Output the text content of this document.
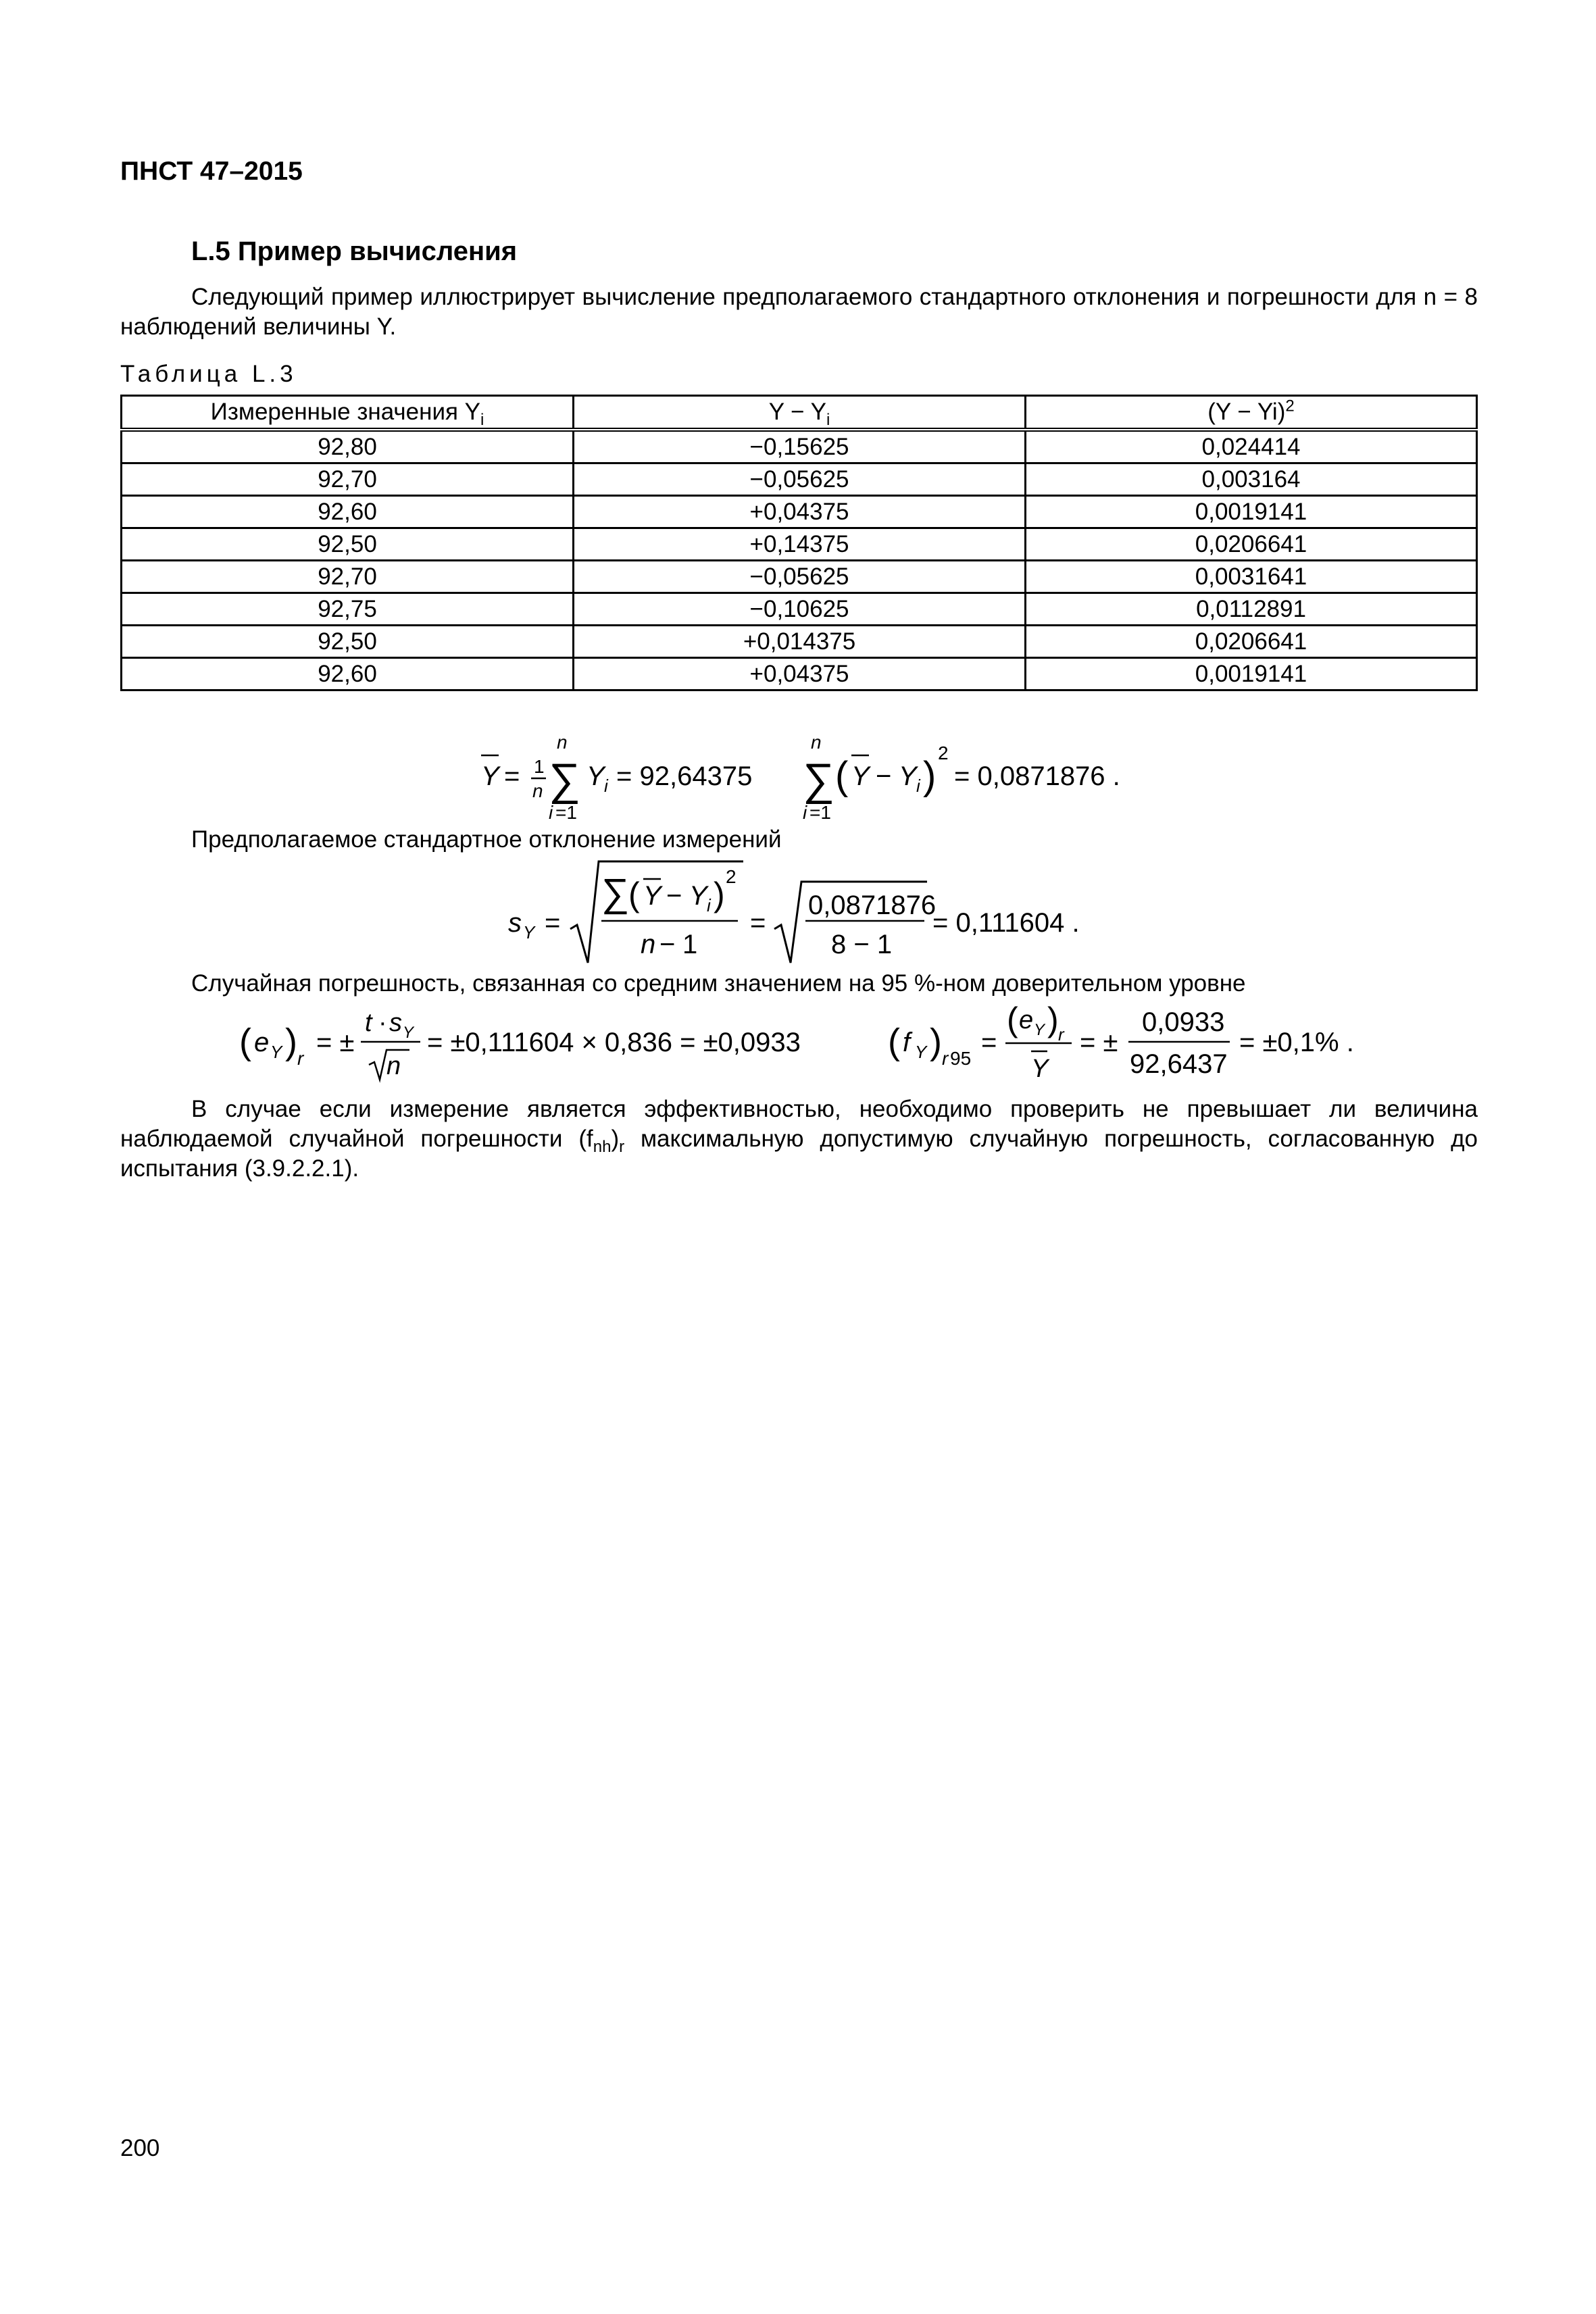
ПНСТ 47–2015
L.5 Пример вычисления
Следующий пример иллюстрирует вычисление предполагаемого стандартного отклонения и погрешности для n = 8 наблюдений величины Y.
Таблица L.3
Измеренные значения $Y_i$	$Y - Y_i$	$(Y - Yi)^2$
92,80	−0,15625	0,024414
92,70	−0,05625	0,003164
92,60	+0,04375	0,0019141
92,50	+0,14375	0,0206641
92,70	−0,05625	0,0031641
92,75	−0,10625	0,0112891
92,50	+0,014375	0,0206641
92,60	+0,04375	0,0019141
Y = 1
n ∑
n
i =1
Y i = 92,64375 ∑
n
i =1
( Y − Y i )
2
= 0,0871876 .
Предполагаемое стандартное отклонение измерений
s Y =
∑
( Y − Y i ) 2
n − 1
=
0,0871876
8 − 1
= 0,111604 .
Случайная погрешность, связанная со средним значением на 95 %-ном доверительном уровне
( e Y ) r
= ±
t · s Y
n
= ±0,111604 × 0,836 = ±0,0933 ( f Y ) r 95
=
( e Y ) r
Y
= ±
0,0933
92,6437
= ±0,1% .
В случае если измерение является эффективностью, необходимо проверить не превышает ли величина наблюдаемой случайной погрешности $(f_{nh})_r$ максимальную допустимую случайную погрешность, согласованную до испытания (3.9.2.2.1).
200
